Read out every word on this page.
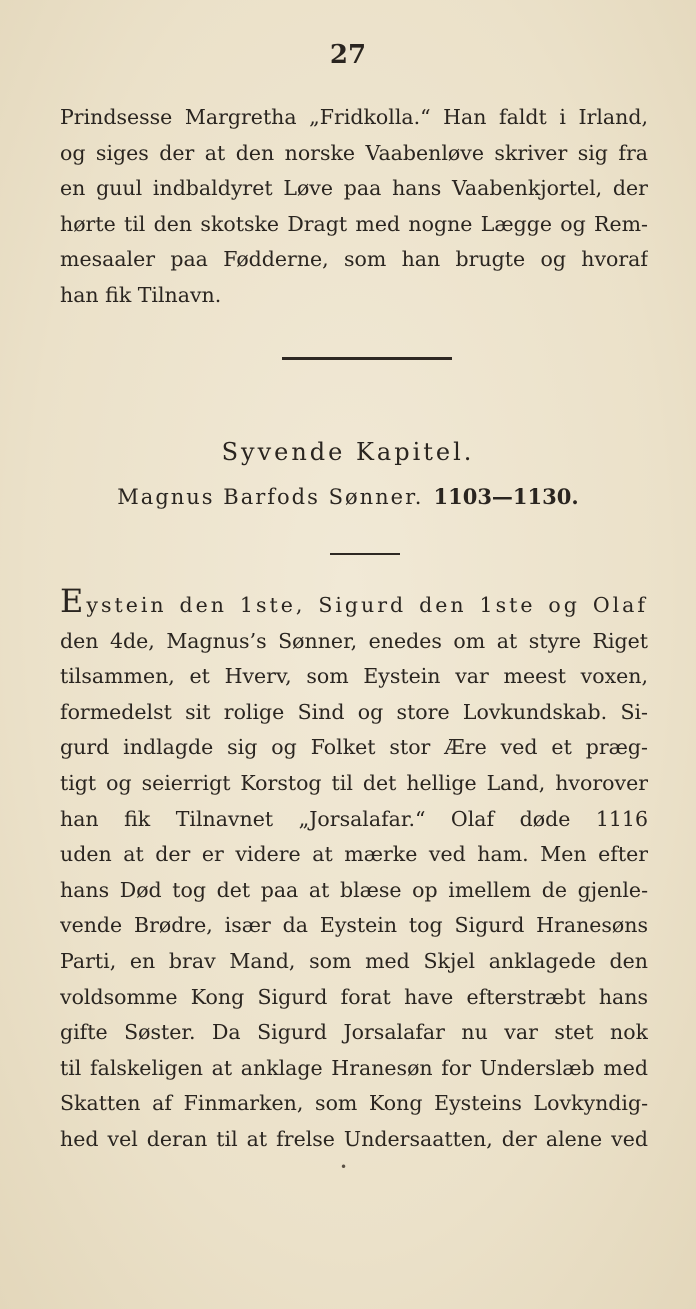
27
Prindsesse Margretha „Fridkolla.“ Han faldt i Irland,
og siges der at den norske Vaabenløve skriver sig fra
en guul indbaldyret Løve paa hans Vaabenkjortel, der
hørte til den skotske Dragt med nogne Lægge og Rem-
mesaaler paa Fødderne, som han brugte og hvoraf
han fik Tilnavn.
Syvende Kapitel.
Magnus Barfods Sønner. 1103—1130.
Eystein den 1ste, Sigurd den 1ste og Olaf
den 4de, Magnus’s Sønner, enedes om at styre Riget
tilsammen, et Hverv, som Eystein var meest voxen,
formedelst sit rolige Sind og store Lovkundskab. Si-
gurd indlagde sig og Folket stor Ære ved et præg-
tigt og seierrigt Korstog til det hellige Land, hvorover
han fik Tilnavnet „Jorsalafar.“ Olaf døde 1116
uden at der er videre at mærke ved ham. Men efter
hans Død tog det paa at blæse op imellem de gjenle-
vende Brødre, især da Eystein tog Sigurd Hranesøns
Parti, en brav Mand, som med Skjel anklagede den
voldsomme Kong Sigurd forat have efterstræbt hans
gifte Søster. Da Sigurd Jorsalafar nu var stet nok
til falskeligen at anklage Hranesøn for Underslæb med
Skatten af Finmarken, som Kong Eysteins Lovkyndig-
hed vel deran til at frelse Undersaatten, der alene ved
•
